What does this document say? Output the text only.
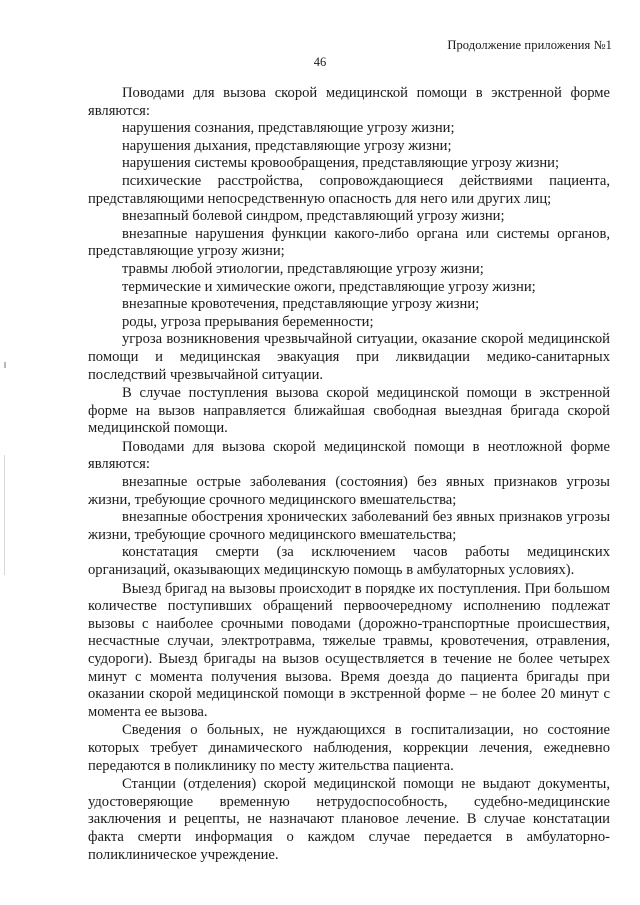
Продолжение приложения №1
46

Поводами для вызова скорой медицинской помощи в экстренной форме являются:

нарушения сознания, представляющие угрозу жизни;

нарушения дыхания, представляющие угрозу жизни;

нарушения системы кровообращения, представляющие угрозу жизни;

психические расстройства, сопровождающиеся действиями пациента, представляющими непосредственную опасность для него или других лиц;

внезапный болевой синдром, представляющий угрозу жизни;

внезапные нарушения функции какого-либо органа или системы органов, представляющие угрозу жизни;

травмы любой этиологии, представляющие угрозу жизни;

термические и химические ожоги, представляющие угрозу жизни;

внезапные кровотечения, представляющие угрозу жизни;

роды, угроза прерывания беременности;

угроза возникновения чрезвычайной ситуации, оказание скорой медицинской помощи и медицинская эвакуация при ликвидации медико-санитарных последствий чрезвычайной ситуации.

В случае поступления вызова скорой медицинской помощи в экстренной форме на вызов направляется ближайшая свободная выездная бригада скорой медицинской помощи.

Поводами для вызова скорой медицинской помощи в неотложной форме являются:

внезапные острые заболевания (состояния) без явных признаков угрозы жизни, требующие срочного медицинского вмешательства;

внезапные обострения хронических заболеваний без явных признаков угрозы жизни, требующие срочного медицинского вмешательства;

констатация смерти (за исключением часов работы медицинских организаций, оказывающих медицинскую помощь в амбулаторных условиях).

Выезд бригад на вызовы происходит в порядке их поступления. При большом количестве поступивших обращений первоочередному исполнению подлежат вызовы с наиболее срочными поводами (дорожно-транспортные происшествия, несчастные случаи, электротравма, тяжелые травмы, кровотечения, отравления, судороги). Выезд бригады на вызов осуществляется в течение не более четырех минут с момента получения вызова. Время доезда до пациента бригады при оказании скорой медицинской помощи в экстренной форме – не более 20 минут с момента ее вызова.

Сведения о больных, не нуждающихся в госпитализации, но состояние которых требует динамического наблюдения, коррекции лечения, ежедневно передаются в поликлинику по месту жительства пациента.

Станции (отделения) скорой медицинской помощи не выдают документы, удостоверяющие временную нетрудоспособность, судебно-медицинские заключения и рецепты, не назначают плановое лечение. В случае констатации факта смерти информация о каждом случае передается в амбулаторно-поликлиническое учреждение.
